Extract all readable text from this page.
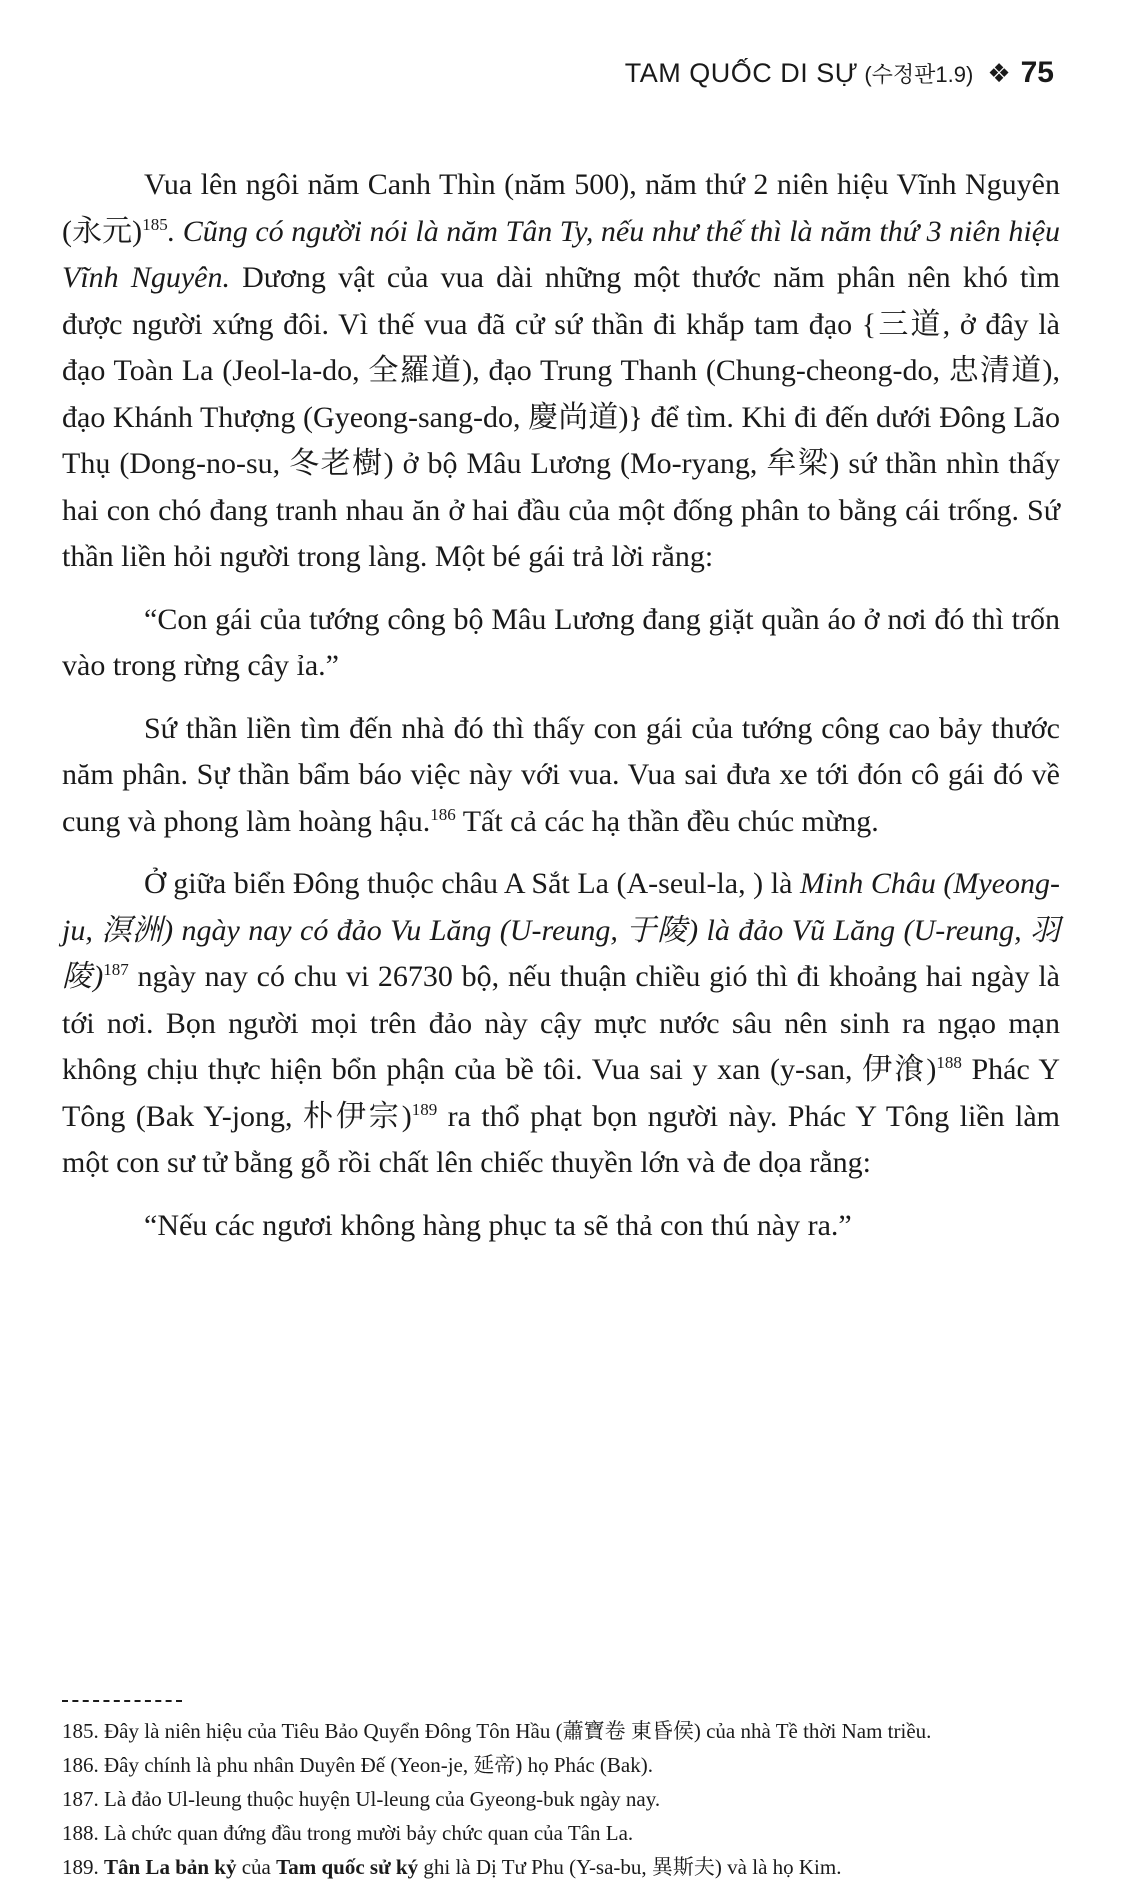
TAM QUỐC DI SỰ (수정판1.9) ❖ 75

Vua lên ngôi năm Canh Thìn (năm 500), năm thứ 2 niên hiệu Vĩnh Nguyên (永元)$^{185}$. Cũng có người nói là năm Tân Ty, nếu như thế thì là năm thứ 3 niên hiệu Vĩnh Nguyên. Dương vật của vua dài những một thước năm phân nên khó tìm được người xứng đôi. Vì thế vua đã cử sứ thần đi khắp tam đạo {三道, ở đây là đạo Toàn La (Jeol-la-do, 全羅道), đạo Trung Thanh (Chung-cheong-do, 忠清道), đạo Khánh Thượng (Gyeong-sang-do, 慶尚道)} để tìm. Khi đi đến dưới Đông Lão Thụ (Dong-no-su, 冬老樹) ở bộ Mâu Lương (Mo-ryang, 牟梁) sứ thần nhìn thấy hai con chó đang tranh nhau ăn ở hai đầu của một đống phân to bằng cái trống. Sứ thần liền hỏi người trong làng. Một bé gái trả lời rằng:

“Con gái của tướng công bộ Mâu Lương đang giặt quần áo ở nơi đó thì trốn vào trong rừng cây ỉa.”

Sứ thần liền tìm đến nhà đó thì thấy con gái của tướng công cao bảy thước năm phân. Sự thần bẩm báo việc này với vua. Vua sai đưa xe tới đón cô gái đó về cung và phong làm hoàng hậu.$^{186}$ Tất cả các hạ thần đều chúc mừng.

Ở giữa biển Đông thuộc châu A Sắt La (A-seul-la, ) là Minh Châu (Myeong-ju, 溟洲) ngày nay có đảo Vu Lăng (U-reung, 于陵) là đảo Vũ Lăng (U-reung, 羽陵)$^{187}$ ngày nay có chu vi 26730 bộ, nếu thuận chiều gió thì đi khoảng hai ngày là tới nơi. Bọn người mọi trên đảo này cậy mực nước sâu nên sinh ra ngạo mạn không chịu thực hiện bổn phận của bề tôi. Vua sai y xan (y-san, 伊湌)$^{188}$ Phác Y Tông (Bak Y-jong, 朴伊宗)$^{189}$ ra thổ phạt bọn người này. Phác Y Tông liền làm một con sư tử bằng gỗ rồi chất lên chiếc thuyền lớn và đe dọa rằng:

“Nếu các ngươi không hàng phục ta sẽ thả con thú này ra.”

185. Đây là niên hiệu của Tiêu Bảo Quyển Đông Tôn Hầu (蕭寶卷 東昏侯) của nhà Tề thời Nam triều.
186. Đây chính là phu nhân Duyên Đế (Yeon-je, 延帝) họ Phác (Bak).
187. Là đảo Ul-leung thuộc huyện Ul-leung của Gyeong-buk ngày nay.
188. Là chức quan đứng đầu trong mười bảy chức quan của Tân La.
189. Tân La bản kỷ của Tam quốc sử ký ghi là Dị Tư Phu (Y-sa-bu, 異斯夫) và là họ Kim.
